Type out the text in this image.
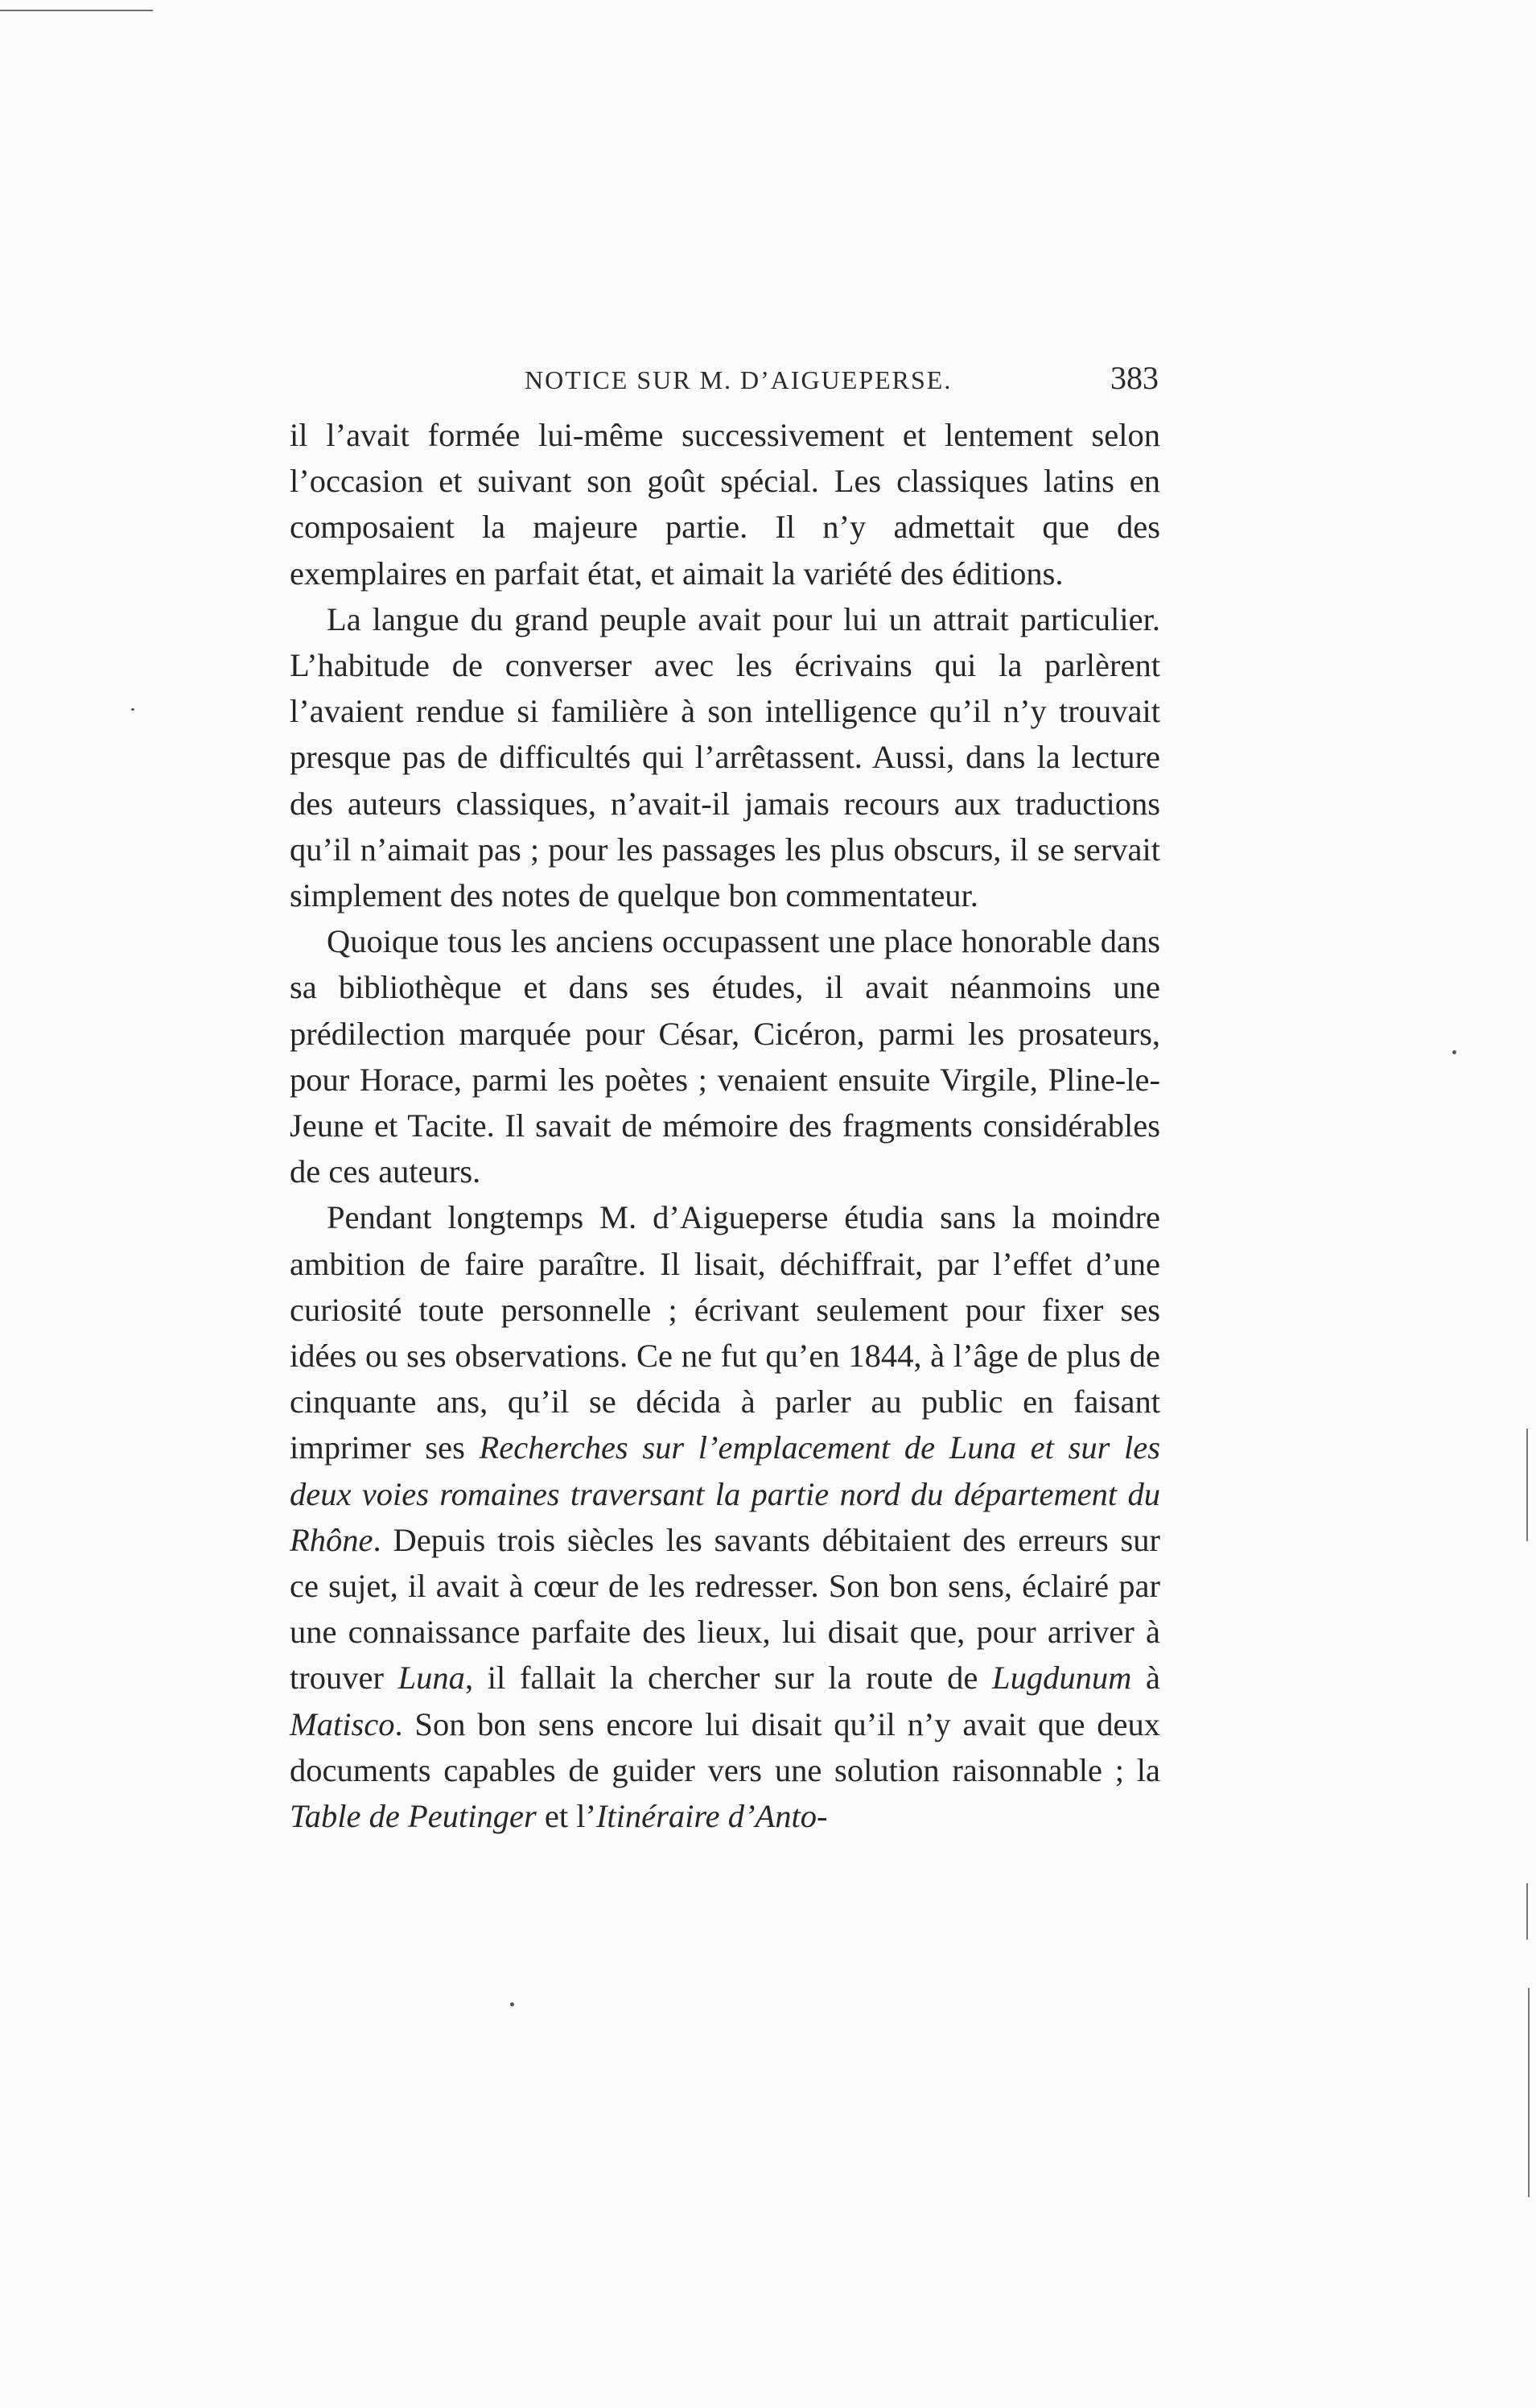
NOTICE SUR M. D’AIGUEPERSE.	383

il l’avait formée lui-même successivement et lentement selon l’occasion et suivant son goût spécial. Les classiques latins en composaient la majeure partie. Il n’y admettait que des exemplaires en parfait état, et aimait la variété des éditions.

La langue du grand peuple avait pour lui un attrait particulier. L’habitude de converser avec les écrivains qui la parlèrent l’avaient rendue si familière à son intelligence qu’il n’y trouvait presque pas de difficultés qui l’arrêtassent. Aussi, dans la lecture des auteurs classiques, n’avait-il jamais recours aux traductions qu’il n’aimait pas ; pour les passages les plus obscurs, il se servait simplement des notes de quelque bon commentateur.

Quoique tous les anciens occupassent une place honorable dans sa bibliothèque et dans ses études, il avait néanmoins une prédilection marquée pour César, Cicéron, parmi les prosateurs, pour Horace, parmi les poètes ; venaient ensuite Virgile, Pline-le-Jeune et Tacite. Il savait de mémoire des fragments considérables de ces auteurs.

Pendant longtemps M. d’Aigueperse étudia sans la moindre ambition de faire paraître. Il lisait, déchiffrait, par l’effet d’une curiosité toute personnelle ; écrivant seulement pour fixer ses idées ou ses observations. Ce ne fut qu’en 1844, à l’âge de plus de cinquante ans, qu’il se décida à parler au public en faisant imprimer ses Recherches sur l’emplacement de Luna et sur les deux voies romaines traversant la partie nord du département du Rhône. Depuis trois siècles les savants débitaient des erreurs sur ce sujet, il avait à cœur de les redresser. Son bon sens, éclairé par une connaissance parfaite des lieux, lui disait que, pour arriver à trouver Luna, il fallait la chercher sur la route de Lugdunum à Matisco. Son bon sens encore lui disait qu’il n’y avait que deux documents capables de guider vers une solution raisonnable ; la Table de Peutinger et l’Itinéraire d’Anto-
